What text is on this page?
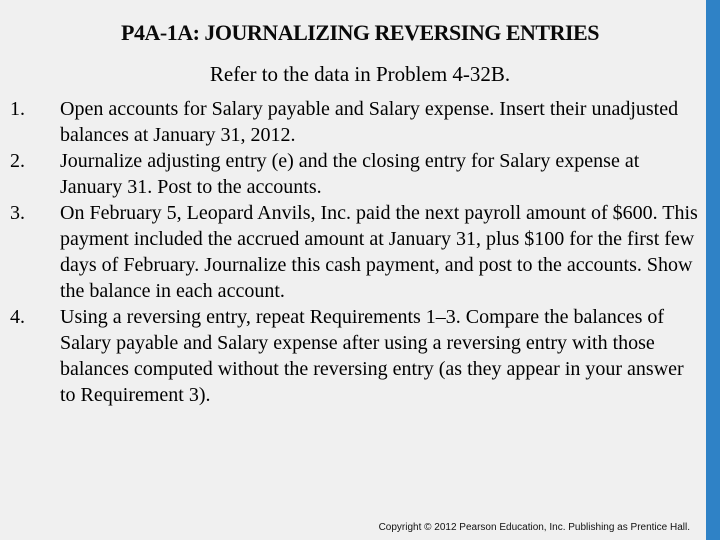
P4A-1A: JOURNALIZING REVERSING ENTRIES

Refer to the data in Problem 4-32B.

1.	Open accounts for Salary payable and Salary expense. Insert their unadjusted balances at January 31, 2012.
2.	Journalize adjusting entry (e) and the closing entry for Salary expense at January 31. Post to the accounts.
3.	On February 5, Leopard Anvils, Inc. paid the next payroll amount of $600. This payment included the accrued amount at January 31, plus $100 for the first few days of February. Journalize this cash payment, and post to the accounts. Show the balance in each account.
4.	Using a reversing entry, repeat Requirements 1–3. Compare the balances of Salary payable and Salary expense after using a reversing entry with those balances computed without the reversing entry (as they appear in your answer to Requirement 3).
Copyright © 2012 Pearson Education, Inc. Publishing as Prentice Hall.
